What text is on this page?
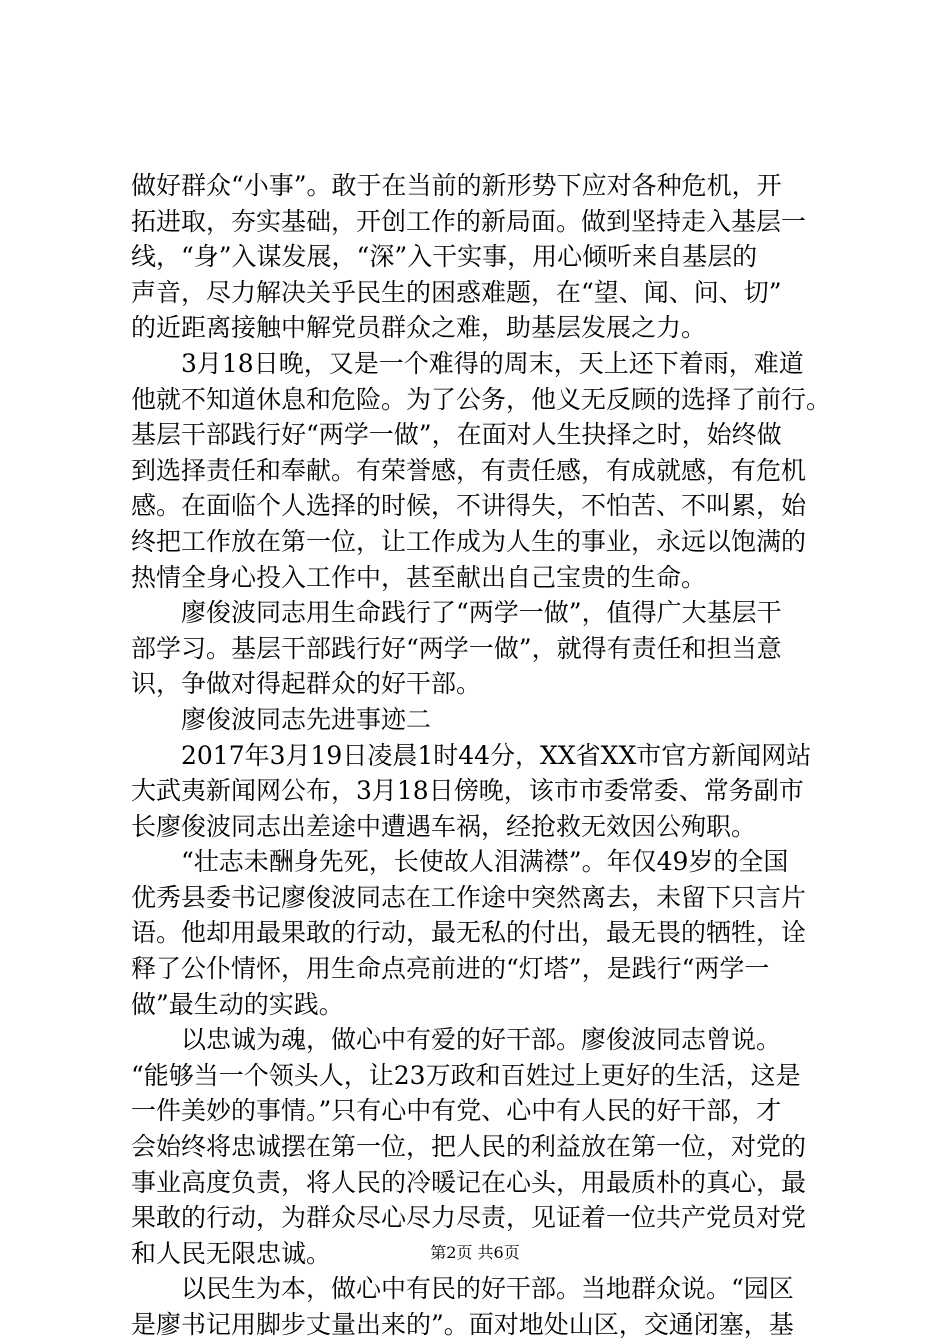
做好群众“小事”。敢于在当前的新形势下应对各种危机，开
拓进取，夯实基础，开创工作的新局面。做到坚持走入基层一
线，“身”入谋发展，“深”入干实事，用心倾听来自基层的
声音，尽力解决关乎民生的困惑难题，在“望、闻、问、切”
的近距离接触中解党员群众之难，助基层发展之力。
3月18日晚，又是一个难得的周末，天上还下着雨，难道
他就不知道休息和危险。为了公务，他义无反顾的选择了前行。
基层干部践行好“两学一做”，在面对人生抉择之时，始终做
到选择责任和奉献。有荣誉感，有责任感，有成就感，有危机
感。在面临个人选择的时候，不讲得失，不怕苦、不叫累，始
终把工作放在第一位，让工作成为人生的事业，永远以饱满的
热情全身心投入工作中，甚至献出自己宝贵的生命。
廖俊波同志用生命践行了“两学一做”，值得广大基层干
部学习。基层干部践行好“两学一做”，就得有责任和担当意
识，争做对得起群众的好干部。
廖俊波同志先进事迹二
2017年3月19日凌晨1时44分，XX省XX市官方新闻网站
大武夷新闻网公布，3月18日傍晚，该市市委常委、常务副市
长廖俊波同志出差途中遭遇车祸，经抢救无效因公殉职。
“壮志未酬身先死，长使故人泪满襟”。年仅49岁的全国
优秀县委书记廖俊波同志在工作途中突然离去，未留下只言片
语。他却用最果敢的行动，最无私的付出，最无畏的牺牲，诠
释了公仆情怀，用生命点亮前进的“灯塔”，是践行“两学一
做”最生动的实践。
以忠诚为魂，做心中有爱的好干部。廖俊波同志曾说。
“能够当一个领头人，让23万政和百姓过上更好的生活，这是
一件美妙的事情。”只有心中有党、心中有人民的好干部，才
会始终将忠诚摆在第一位，把人民的利益放在第一位，对党的
事业高度负责，将人民的冷暖记在心头，用最质朴的真心，最
果敢的行动，为群众尽心尽力尽责，见证着一位共产党员对党
和人民无限忠诚。
以民生为本，做心中有民的好干部。当地群众说。“园区
是廖书记用脚步丈量出来的”。面对地处山区，交通闭塞，基
第2页 共6页
